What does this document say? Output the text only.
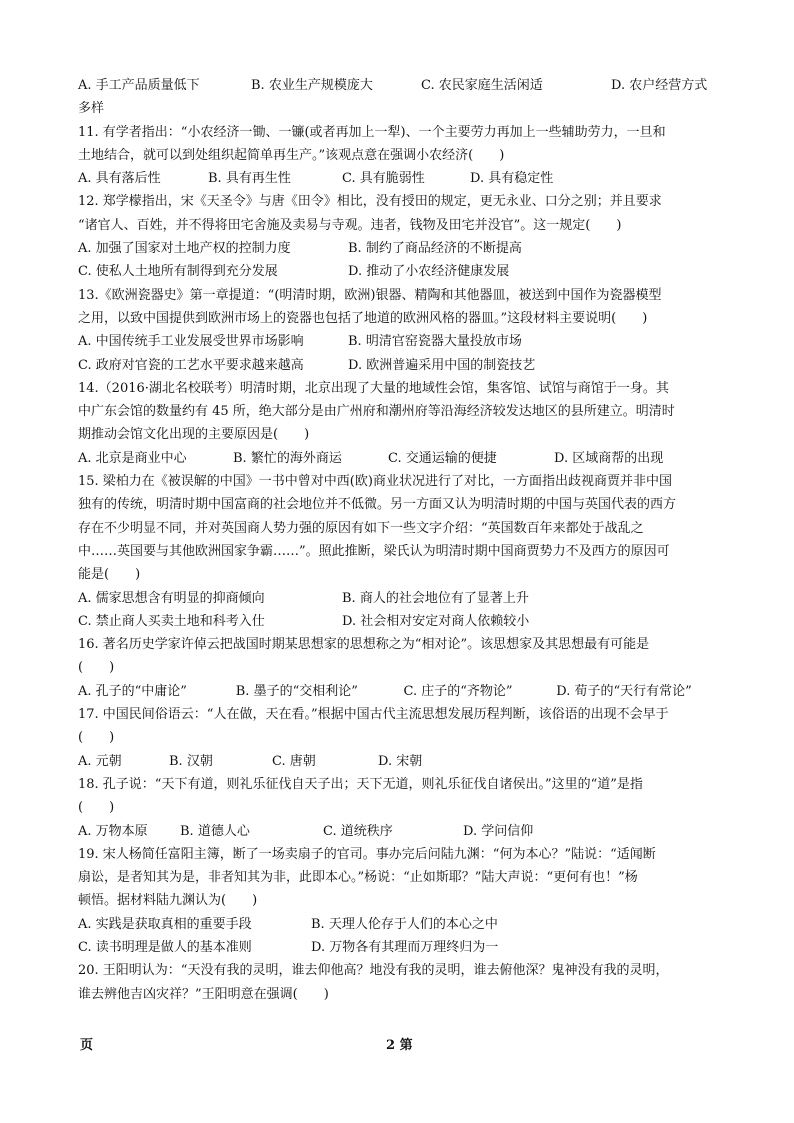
A. 手工产品质量低下	B. 农业生产规模庞大	C. 农民家庭生活闲适	D. 农户经营方式
多样
11. 有学者指出：“小农经济一锄、一镰(或者再加上一犁)、一个主要劳力再加上一些辅助劳力，一旦和
土地结合，就可以到处组织起简单再生产。”该观点意在强调小农经济(　　)
A. 具有落后性	B. 具有再生性	C. 具有脆弱性	D. 具有稳定性
12. 郑学檬指出，宋《天圣令》与唐《田令》相比，没有授田的规定，更无永业、口分之别；并且要求
“诸官人、百姓，并不得将田宅舍施及卖易与寺观。违者，钱物及田宅并没官”。这一规定(　　)
A. 加强了国家对土地产权的控制力度	B. 制约了商品经济的不断提高
C. 使私人土地所有制得到充分发展	D. 推动了小农经济健康发展
13.《欧洲瓷器史》第一章提道：“(明清时期，欧洲)银器、精陶和其他器皿，被送到中国作为瓷器模型
之用，以致中国提供到欧洲市场上的瓷器也包括了地道的欧洲风格的器皿。”这段材料主要说明(　　)
A. 中国传统手工业发展受世界市场影响	B. 明清官窑瓷器大量投放市场
C. 政府对官瓷的工艺水平要求越来越高	D. 欧洲普遍采用中国的制瓷技艺
14.（2016·湖北名校联考）明清时期，北京出现了大量的地域性会馆，集客馆、试馆与商馆于一身。其
中广东会馆的数量约有 45 所，绝大部分是由广州府和潮州府等沿海经济较发达地区的县所建立。明清时
期推动会馆文化出现的主要原因是(　　)
A. 北京是商业中心	B. 繁忙的海外商运	C. 交通运输的便捷	D. 区域商帮的出现
15. 梁柏力在《被误解的中国》一书中曾对中西(欧)商业状况进行了对比，一方面指出歧视商贾并非中国
独有的传统，明清时期中国富商的社会地位并不低微。另一方面又认为明清时期的中国与英国代表的西方
存在不少明显不同，并对英国商人势力强的原因有如下一些文字介绍：“英国数百年来都处于战乱之
中……英国要与其他欧洲国家争霸……”。照此推断，梁氏认为明清时期中国商贾势力不及西方的原因可
能是(　　)
A. 儒家思想含有明显的抑商倾向	B. 商人的社会地位有了显著上升
C. 禁止商人买卖土地和科考入仕	D. 社会相对安定对商人依赖较小
16. 著名历史学家许倬云把战国时期某思想家的思想称之为“相对论”。该思想家及其思想最有可能是
(　　)
A. 孔子的“中庸论”	B. 墨子的“交相利论”	C. 庄子的“齐物论”	D. 荀子的“天行有常论”
17. 中国民间俗语云：“人在做，天在看。”根据中国古代主流思想发展历程判断，该俗语的出现不会早于
(　　)
A. 元朝	B. 汉朝	C. 唐朝	D. 宋朝
18. 孔子说：“天下有道，则礼乐征伐自天子出；天下无道，则礼乐征伐自诸侯出。”这里的“道”是指
(　　)
A. 万物本原	B. 道德人心	C. 道统秩序	D. 学问信仰
19. 宋人杨简任富阳主簿，断了一场卖扇子的官司。事办完后问陆九渊：“何为本心？”陆说：“适闻断
扇讼，是者知其为是，非者知其为非，此即本心。”杨说：“止如斯耶？”陆大声说：“更何有也！”杨
顿悟。据材料陆九渊认为(　　)
A. 实践是获取真相的重要手段	B. 天理人伦存于人们的本心之中
C. 读书明理是做人的基本准则	D. 万物各有其理而万理终归为一
20. 王阳明认为：“天没有我的灵明，谁去仰他高？地没有我的灵明，谁去俯他深？鬼神没有我的灵明，
谁去辨他吉凶灾祥？”王阳明意在强调(　　)
页	2 第
